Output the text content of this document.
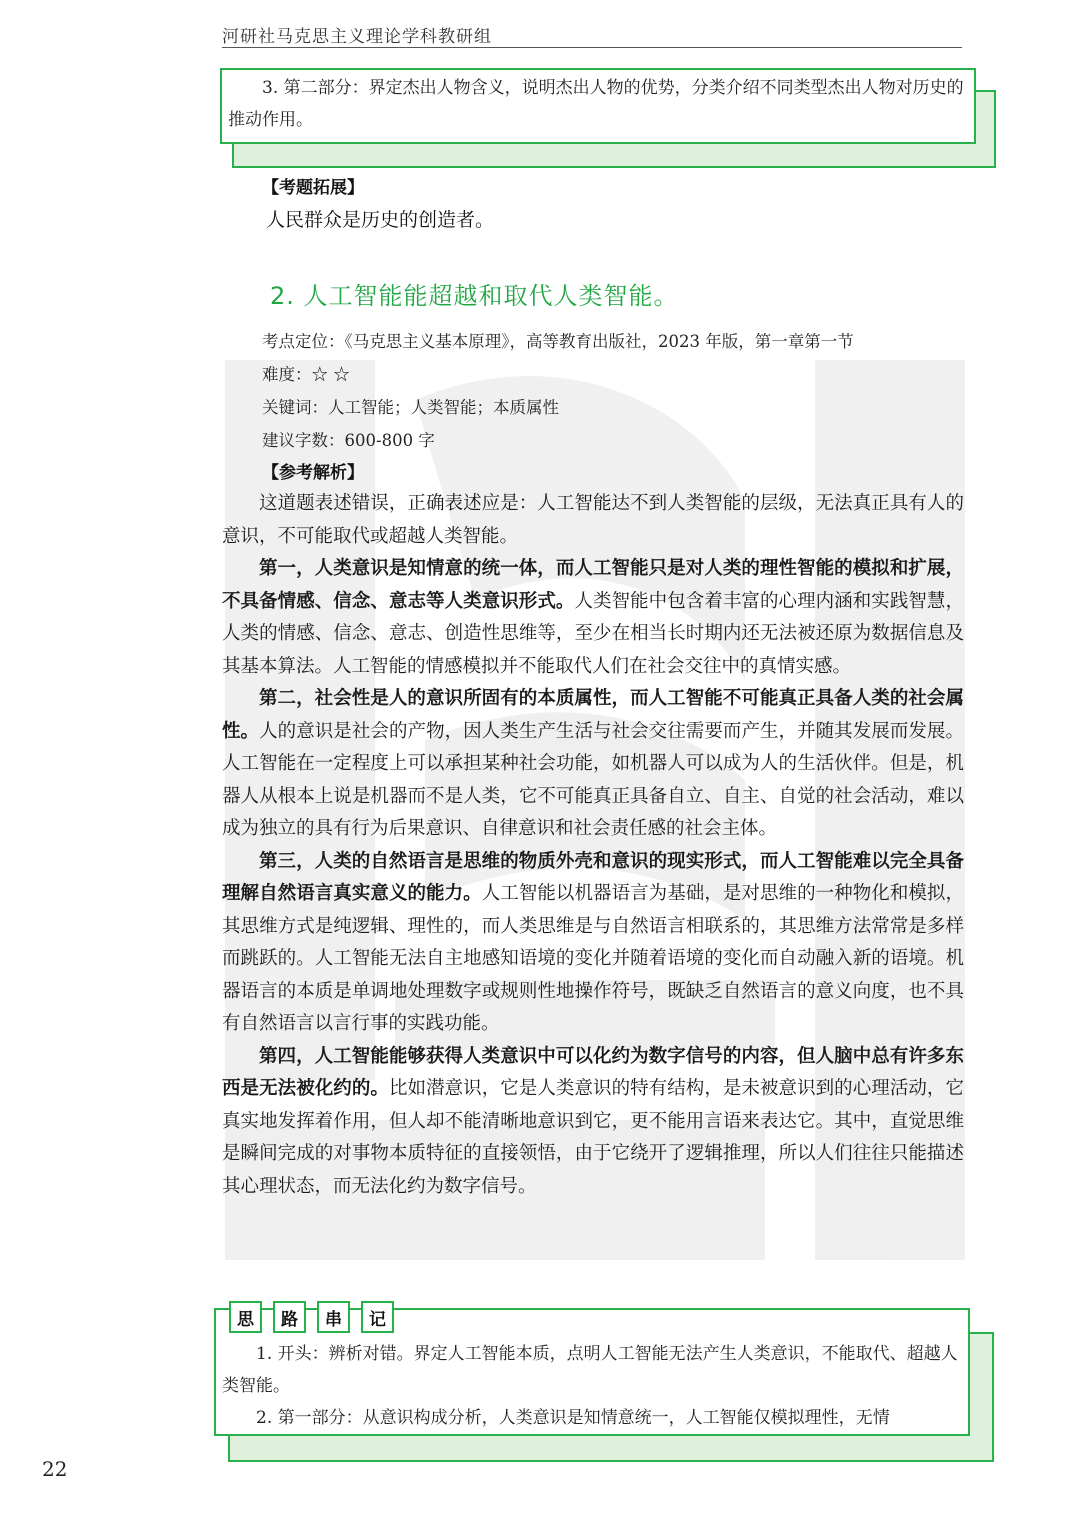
河研社马克思主义理论学科教研组
3. 第二部分：界定杰出人物含义，说明杰出人物的优势，分类介绍不同类型杰出人物对历史的推动作用。
【考题拓展】
人民群众是历史的创造者。
2. 人工智能能超越和取代人类智能。
考点定位：《马克思主义基本原理》，高等教育出版社，2023 年版，第一章第一节
难度：☆ ☆
关键词：人工智能；人类智能；本质属性
建议字数：600-800 字
【参考解析】

这道题表述错误，正确表述应是：人工智能达不到人类智能的层级，无法真正具有人的意识，不可能取代或超越人类智能。

第一，人类意识是知情意的统一体，而人工智能只是对人类的理性智能的模拟和扩展，不具备情感、信念、意志等人类意识形式。人类智能中包含着丰富的心理内涵和实践智慧，人类的情感、信念、意志、创造性思维等，至少在相当长时期内还无法被还原为数据信息及其基本算法。人工智能的情感模拟并不能取代人们在社会交往中的真情实感。

第二，社会性是人的意识所固有的本质属性，而人工智能不可能真正具备人类的社会属性。人的意识是社会的产物，因人类生产生活与社会交往需要而产生，并随其发展而发展。人工智能在一定程度上可以承担某种社会功能，如机器人可以成为人的生活伙伴。但是，机器人从根本上说是机器而不是人类，它不可能真正具备自立、自主、自觉的社会活动，难以成为独立的具有行为后果意识、自律意识和社会责任感的社会主体。

第三，人类的自然语言是思维的物质外壳和意识的现实形式，而人工智能难以完全具备理解自然语言真实意义的能力。人工智能以机器语言为基础，是对思维的一种物化和模拟，其思维方式是纯逻辑、理性的，而人类思维是与自然语言相联系的，其思维方法常常是多样而跳跃的。人工智能无法自主地感知语境的变化并随着语境的变化而自动融入新的语境。机器语言的本质是单调地处理数字或规则性地操作符号，既缺乏自然语言的意义向度，也不具有自然语言以言行事的实践功能。

第四，人工智能能够获得人类意识中可以化约为数字信号的内容，但人脑中总有许多东西是无法被化约的。比如潜意识，它是人类意识的特有结构，是未被意识到的心理活动，它真实地发挥着作用，但人却不能清晰地意识到它，更不能用言语来表达它。其中，直觉思维是瞬间完成的对事物本质特征的直接领悟，由于它绕开了逻辑推理，所以人们往往只能描述其心理状态，而无法化约为数字信号。

思	路	串	记
1. 开头：辨析对错。界定人工智能本质，点明人工智能无法产生人类意识，不能取代、超越人类智能。
2. 第一部分：从意识构成分析，人类意识是知情意统一，人工智能仅模拟理性，无情
22
